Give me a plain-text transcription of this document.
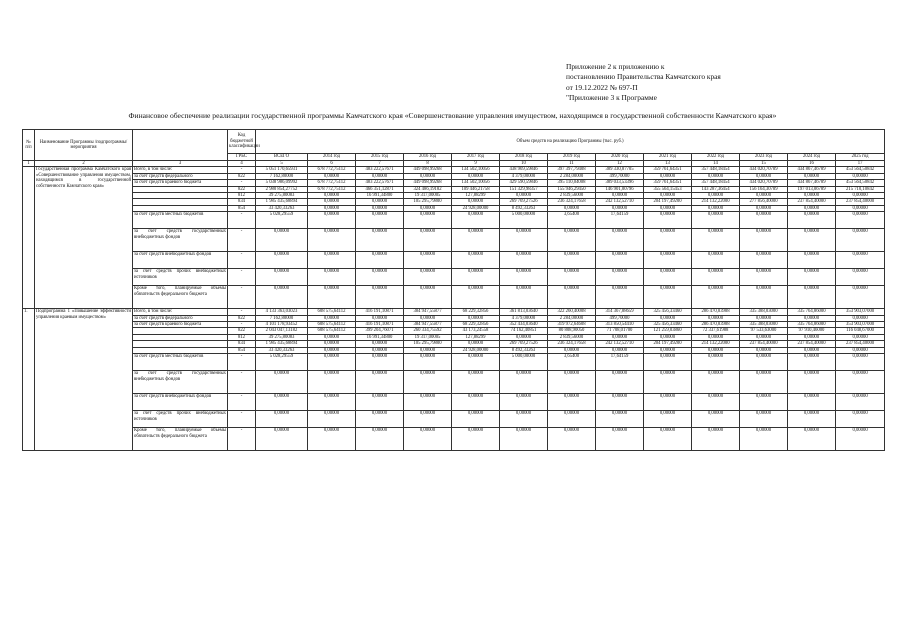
Приложение 2 к приложению к
постановлению Правительства Камчатского края
от 19.12.2022 № 697-П
"Приложение 3 к Программе
Финансовое обеспечение реализации государственной программы Камчатского края «Совершенствование управления имуществом, находящимся в государственной собственности Камчатского края»
№ п/п	Наименование Программы /подпрограммы/ мероприятия		Код бюджетной классификации	Объем средств на реализацию Программы (тыс. руб.)												
			ГРБС	ВСЕГО	2014 год	2015 год	2016 год	2017 год	2018 год	2019 год	2020 год	2021 год	2022 год	2023 год	2024 год	2025 год
1	2	3	4	5	6	7	8	9	10	11	12	13	14	15	16	17
	Государственная программа Камчатского края «Совершенствование управления имуществом, находящимся в государственной собственности Камчатского края»	Всего, в том числе:	-	5 051 170,65931	678 772,75112	483 222,57671	449 098,99268	134 502,10056	438 969,59846	397 397,79408	389 330,87705	359 761,64351	357 448,18454	434 020,70789	434 867,46789	453 564,50842
		за счет средств федерального	822	7 162,80000	0,00000	0,00000	0,00000	0,00000	4 379,00000	2 284,00000	499,70000	0,00000	0,00000	0,00000	0,00000	0,00000
		за счет средств краевого бюджета	-	5 038 986,09992	678 772,75112	483 222,57671	449 098,99268	134 502,10056	429 590,59846	395 110,04008	389 033,53396	359 761,64351	357 448,18454	434 020,70789	434 867,46789	453 564,50842
			822	2 980 854,27752	678 772,75112	466 351,12871	324 486,19182	109 446,21758	151 329,98357	155 946,29450	146 901,00796	355 564,15453	143 287,36454	156 164,30789	197 013,06789	215 710,10842
			812	39 275,80083	0,00000	16 991,34800	19 317,00005	127,88299	0,00000	2 839,56000	0,00000	0,00000	0,00000	0,00000	0,00000	0,00000
			834	1 985 435,68894	0,00000	0,00000	105 295,79800	0,00000	269 769,27526	236 324,17658	242 132,52710	204 197,49200	214 132,22000	277 856,40000	237 854,40000	237 854,40000
			854	33 420,33263	0,00000	0,00000	0,00000	24 928,00000	8 492,33263	0,00000	0,00000	0,00000	0,00000	0,00000	0,00000	0,00000
		за счет средств местных бюджетов	-	5 028,29559	0,00000	0,00000	0,00000	0,00000	5 000,00000	3,65400	17,64159	0,00000	0,00000	0,00000	0,00000	0,00000
		за счет средств государственных внебюджетных фондов	-	0,00000	0,00000	0,00000	0,00000	0,00000	0,00000	0,00000	0,00000	0,00000	0,00000	0,00000	0,00000	0,00000
		за счет средств внебюджетных фондов	-	0,00000	0,00000	0,00000	0,00000	0,00000	0,00000	0,00000	0,00000	0,00000	0,00000	0,00000	0,00000	0,00000
		за счет средств прочих внебюджетных источников	-	0,00000	0,00000	0,00000	0,00000	0,00000	0,00000	0,00000	0,00000	0,00000	0,00000	0,00000	0,00000	0,00000
		Кроме того, планируемые объемы обязательств федерального бюджета	-	0,00000	0,00000	0,00000	0,00000	0,00000	0,00000	0,00000	0,00000	0,00000	0,00000	0,00000	0,00000	0,00000
1.	Подпрограмма 1 «Повышение эффективности управления краевым имуществом»	Всего, в том числе:	-	4 133 363,03023	608 575,64112	416 191,10871	384 947,55877	68 229,32856	361 813,03640	322 260,40008	314 367,88659	325 456,33460	286 470,83988	335 388,03000	335 764,86000	353 903,07000
		за счет средств федерального	822	7 162,80000	0,00000	0,00000	0,00000	0,00000	4 379,00000	2 284,00000	499,70000	0,00000	0,00000	0,00000	0,00000	0,00000
		за счет средств краевого бюджета	-	4 101 178,93452	608 575,64112	416 191,10871	384 947,55877	68 229,32856	352 434,03640	319 972,64608	313 850,54410	325 456,33460	286 470,83988	335 388,03000	335 764,86000	353 903,07000
			822	2 043 047,13182	608 575,64112	399 204,76071	260 334,75592	43 173,24558	74 162,40851	80 808,90050	71 708,01700	121 259,03860	72 337,61988	97 533,63000	97 910,46000	116 048,67000
			812	39 275,80083	0,00000	16 991,34800	19 317,00005	127,88299	0,00000	2 839,56000	0,00000	0,00000	0,00000	0,00000	0,00000	0,00000
			834	1 985 435,68894	0,00000	0,00000	105 295,79800	0,00000	269 769,27526	236 324,17658	242 132,52710	204 197,49200	214 132,22000	237 854,40000	237 854,40000	237 854,40000
			854	33 420,33263	0,00000	0,00000	0,00000	24 928,00000	8 492,33263	0,00000	0,00000	0,00000	0,00000	0,00000	0,00000	0,00000
		за счет средств местных бюджетов	-	5 028,29559	0,00000	0,00000	0,00000	0,00000	5 000,00000	3,65400	17,64159	0,00000	0,00000	0,00000	0,00000	0,00000
		за счет средств государственных внебюджетных фондов	-	0,00000	0,00000	0,00000	0,00000	0,00000	0,00000	0,00000	0,00000	0,00000	0,00000	0,00000	0,00000	0,00000
		за счет средств внебюджетных фондов	-	0,00000	0,00000	0,00000	0,00000	0,00000	0,00000	0,00000	0,00000	0,00000	0,00000	0,00000	0,00000	0,00000
		за счет средств прочих внебюджетных источников	-	0,00000	0,00000	0,00000	0,00000	0,00000	0,00000	0,00000	0,00000	0,00000	0,00000	0,00000	0,00000	0,00000
		Кроме того, планируемые объемы обязательств федерального бюджета	-	0,00000	0,00000	0,00000	0,00000	0,00000	0,00000	0,00000	0,00000	0,00000	0,00000	0,00000	0,00000	0,00000
